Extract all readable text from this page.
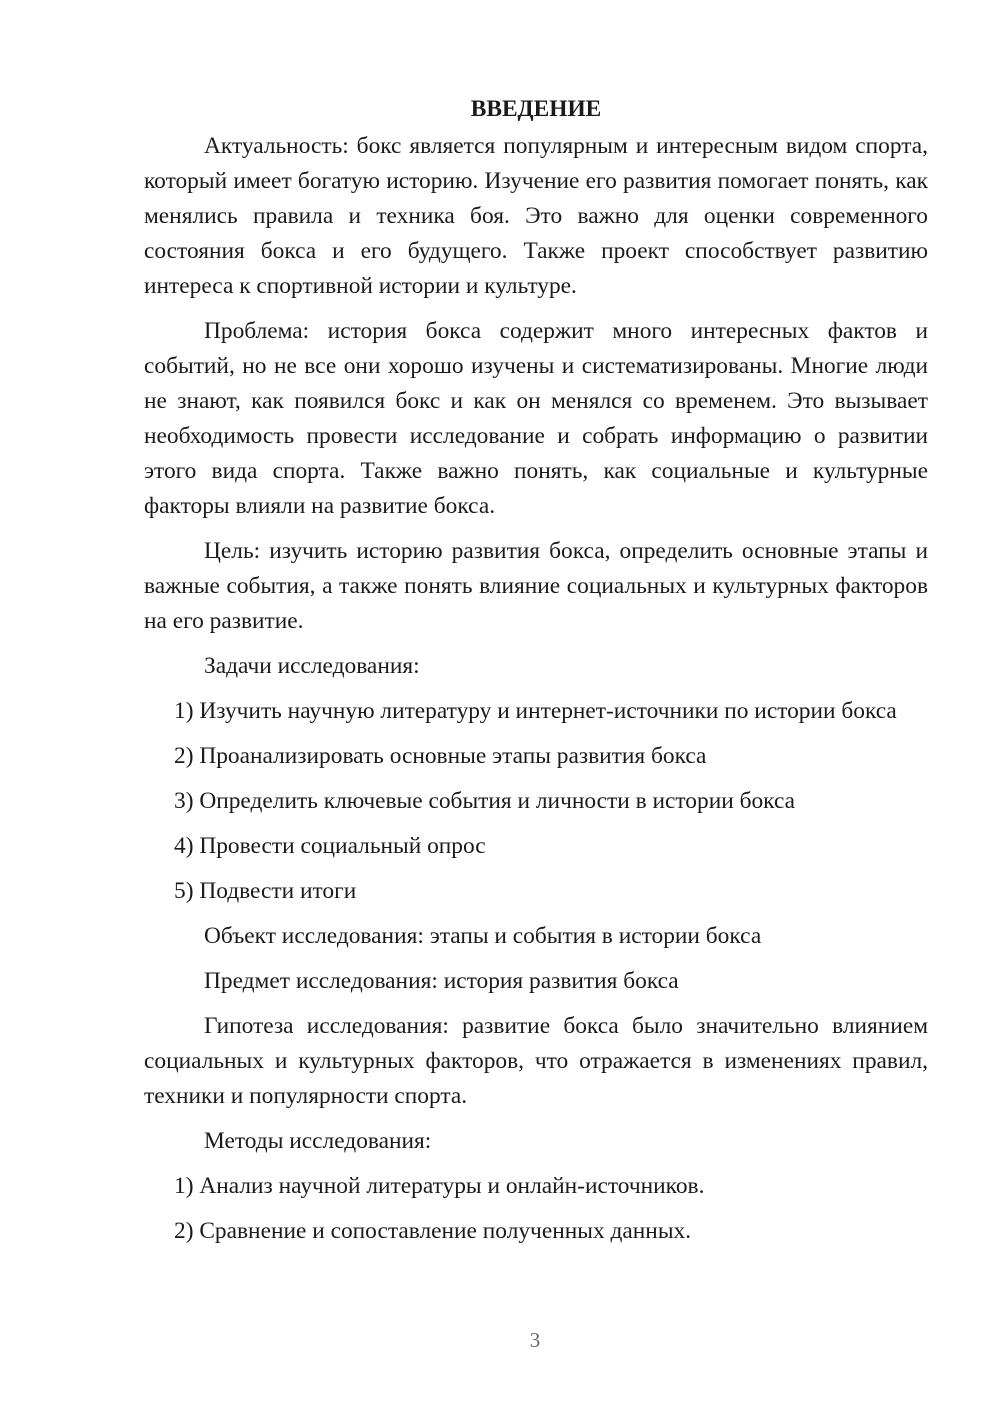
ВВЕДЕНИЕ

Актуальность: бокс является популярным и интересным видом спорта, который имеет богатую историю. Изучение его развития помогает понять, как менялись правила и техника боя. Это важно для оценки современного состояния бокса и его будущего. Также проект способствует развитию интереса к спортивной истории и культуре.

Проблема: история бокса содержит много интересных фактов и событий, но не все они хорошо изучены и систематизированы. Многие люди не знают, как появился бокс и как он менялся со временем. Это вызывает необходимость провести исследование и собрать информацию о развитии этого вида спорта. Также важно понять, как социальные и культурные факторы влияли на развитие бокса.

Цель: изучить историю развития бокса, определить основные этапы и важные события, а также понять влияние социальных и культурных факторов на его развитие.

Задачи исследования:

1) Изучить научную литературу и интернет-источники по истории бокса

2) Проанализировать основные этапы развития бокса

3) Определить ключевые события и личности в истории бокса

4) Провести социальный опрос

5) Подвести итоги

Объект исследования: этапы и события в истории бокса

Предмет исследования: история развития бокса

Гипотеза исследования: развитие бокса было значительно влиянием социальных и культурных факторов, что отражается в изменениях правил, техники и популярности спорта.

Методы исследования:

1) Анализ научной литературы и онлайн-источников.

2) Сравнение и сопоставление полученных данных.

3
